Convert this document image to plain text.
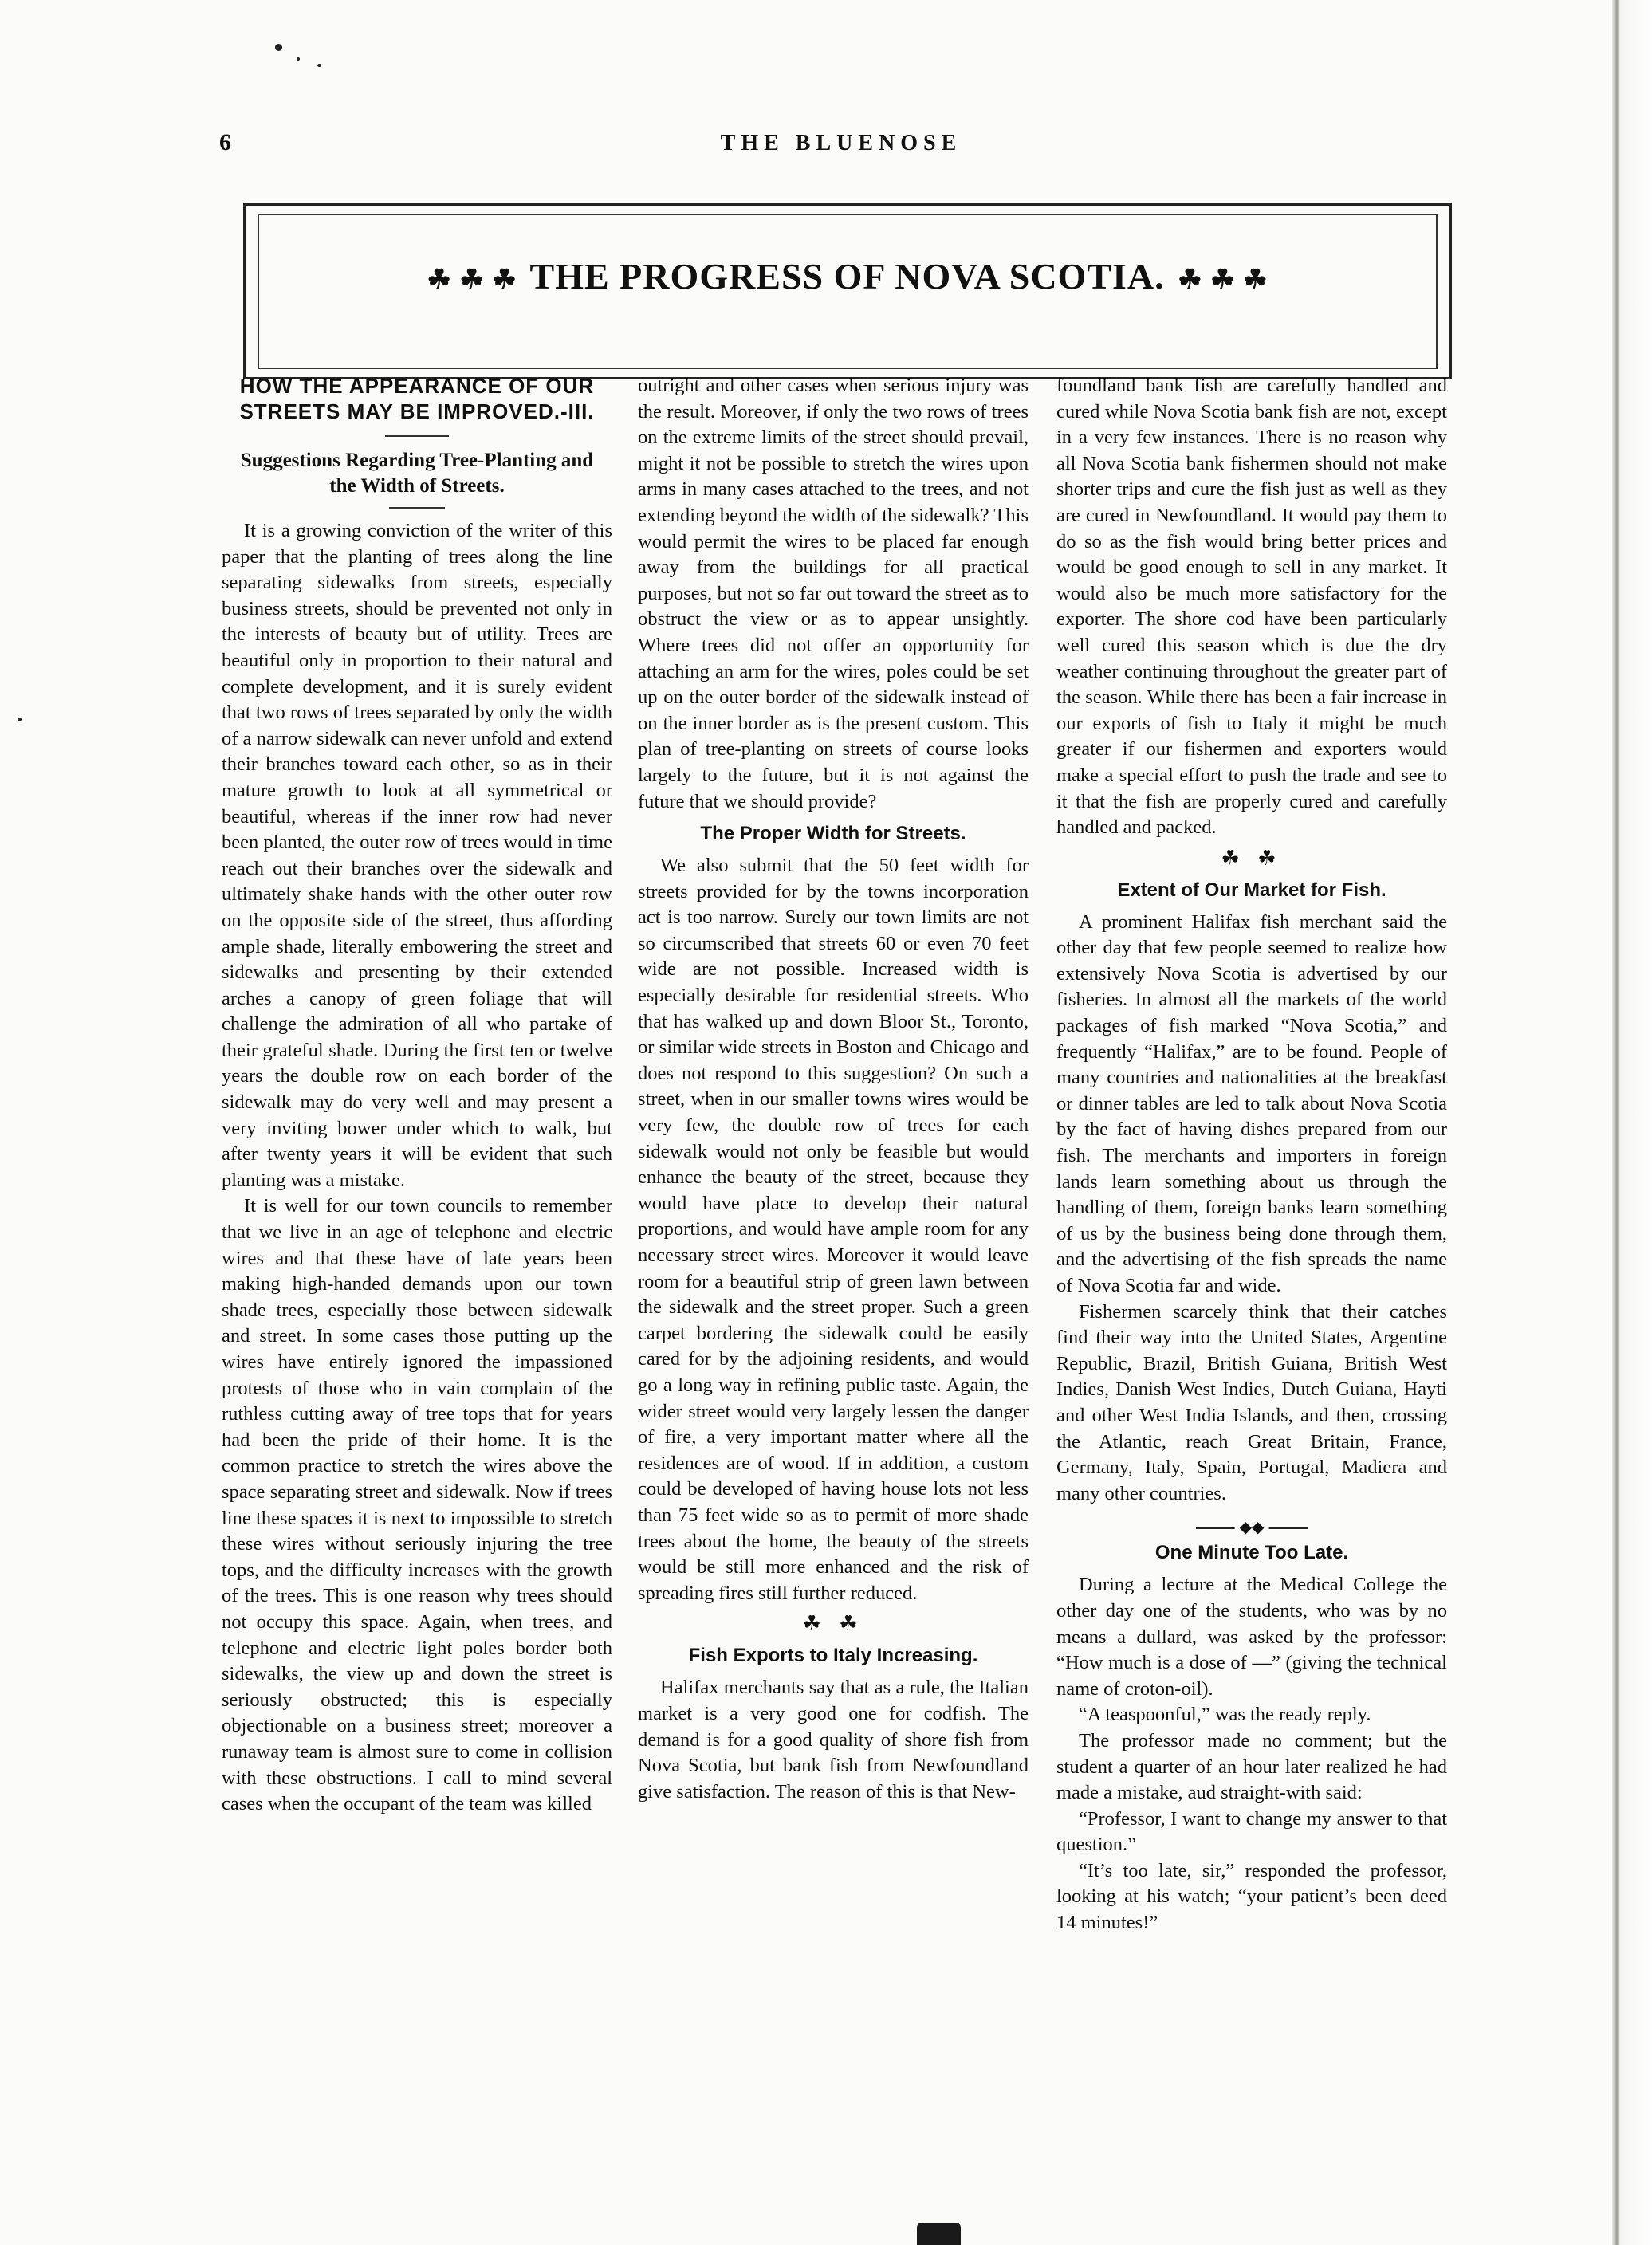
THE BLUENOSE
6
☘ ☘ ☘ THE PROGRESS OF NOVA SCOTIA. ☘ ☘ ☘
HOW THE APPEARANCE OF OUR
STREETS MAY BE IMPROVED.-III.
Suggestions Regarding Tree-Planting and
the Width of Streets.

It is a growing conviction of the writer of this paper that the planting of trees along the line separating sidewalks from streets, especially business streets, should be prevented not only in the interests of beauty but of utility. Trees are beautiful only in proportion to their natural and complete development, and it is surely evident that two rows of trees separated by only the width of a narrow sidewalk can never unfold and extend their branches toward each other, so as in their mature growth to look at all symmetrical or beautiful, whereas if the inner row had never been planted, the outer row of trees would in time reach out their branches over the sidewalk and ultimately shake hands with the other outer row on the opposite side of the street, thus affording ample shade, literally embowering the street and sidewalks and presenting by their extended arches a canopy of green foliage that will challenge the admiration of all who partake of their grateful shade. During the first ten or twelve years the double row on each border of the sidewalk may do very well and may present a very inviting bower under which to walk, but after twenty years it will be evident that such planting was a mistake.

It is well for our town councils to remember that we live in an age of telephone and electric wires and that these have of late years been making high-handed demands upon our town shade trees, especially those between sidewalk and street. In some cases those putting up the wires have entirely ignored the impassioned protests of those who in vain complain of the ruthless cutting away of tree tops that for years had been the pride of their home. It is the common practice to stretch the wires above the space separating street and sidewalk. Now if trees line these spaces it is next to impossible to stretch these wires without seriously injuring the tree tops, and the difficulty increases with the growth of the trees. This is one reason why trees should not occupy this space. Again, when trees, and telephone and electric light poles border both sidewalks, the view up and down the street is seriously obstructed; this is especially objectionable on a business street; moreover a runaway team is almost sure to come in collision with these obstructions. I call to mind several cases when the occupant of the team was killed

outright and other cases when serious injury was the result. Moreover, if only the two rows of trees on the extreme limits of the street should prevail, might it not be possible to stretch the wires upon arms in many cases attached to the trees, and not extending beyond the width of the sidewalk? This would permit the wires to be placed far enough away from the buildings for all practical purposes, but not so far out toward the street as to obstruct the view or as to appear unsightly. Where trees did not offer an opportunity for attaching an arm for the wires, poles could be set up on the outer border of the sidewalk instead of on the inner border as is the present custom. This plan of tree-planting on streets of course looks largely to the future, but it is not against the future that we should provide?

The Proper Width for Streets.

We also submit that the 50 feet width for streets provided for by the towns incorporation act is too narrow. Surely our town limits are not so circumscribed that streets 60 or even 70 feet wide are not possible. Increased width is especially desirable for residential streets. Who that has walked up and down Bloor St., Toronto, or similar wide streets in Boston and Chicago and does not respond to this suggestion? On such a street, when in our smaller towns wires would be very few, the double row of trees for each sidewalk would not only be feasible but would enhance the beauty of the street, because they would have place to develop their natural proportions, and would have ample room for any necessary street wires. Moreover it would leave room for a beautiful strip of green lawn between the sidewalk and the street proper. Such a green carpet bordering the sidewalk could be easily cared for by the adjoining residents, and would go a long way in refining public taste. Again, the wider street would very largely lessen the danger of fire, a very important matter where all the residences are of wood. If in addition, a custom could be developed of having house lots not less than 75 feet wide so as to permit of more shade trees about the home, the beauty of the streets would be still more enhanced and the risk of spreading fires still further reduced.

☘ ☘
Fish Exports to Italy Increasing.

Halifax merchants say that as a rule, the Italian market is a very good one for codfish. The demand is for a good quality of shore fish from Nova Scotia, but bank fish from Newfoundland give satisfaction. The reason of this is that New-

foundland bank fish are carefully handled and cured while Nova Scotia bank fish are not, except in a very few instances. There is no reason why all Nova Scotia bank fishermen should not make shorter trips and cure the fish just as well as they are cured in Newfoundland. It would pay them to do so as the fish would bring better prices and would be good enough to sell in any market. It would also be much more satisfactory for the exporter. The shore cod have been particularly well cured this season which is due the dry weather continuing throughout the greater part of the season. While there has been a fair increase in our exports of fish to Italy it might be much greater if our fishermen and exporters would make a special effort to push the trade and see to it that the fish are properly cured and carefully handled and packed.

☘ ☘
Extent of Our Market for Fish.

A prominent Halifax fish merchant said the other day that few people seemed to realize how extensively Nova Scotia is advertised by our fisheries. In almost all the markets of the world packages of fish marked “Nova Scotia,” and frequently “Halifax,” are to be found. People of many countries and nationalities at the breakfast or dinner tables are led to talk about Nova Scotia by the fact of having dishes prepared from our fish. The merchants and importers in foreign lands learn something about us through the handling of them, foreign banks learn something of us by the business being done through them, and the advertising of the fish spreads the name of Nova Scotia far and wide.

Fishermen scarcely think that their catches find their way into the United States, Argentine Republic, Brazil, British Guiana, British West Indies, Danish West Indies, Dutch Guiana, Hayti and other West India Islands, and then, crossing the Atlantic, reach Great Britain, France, Germany, Italy, Spain, Portugal, Madiera and many other countries.

◆◆
One Minute Too Late.

During a lecture at the Medical College the other day one of the students, who was by no means a dullard, was asked by the professor: “How much is a dose of —” (giving the technical name of croton-oil).

“A teaspoonful,” was the ready reply.

The professor made no comment; but the student a quarter of an hour later realized he had made a mistake, aud straight-with said:

“Professor, I want to change my answer to that question.”

“It’s too late, sir,” responded the professor, looking at his watch; “your patient’s been deed 14 minutes!”
